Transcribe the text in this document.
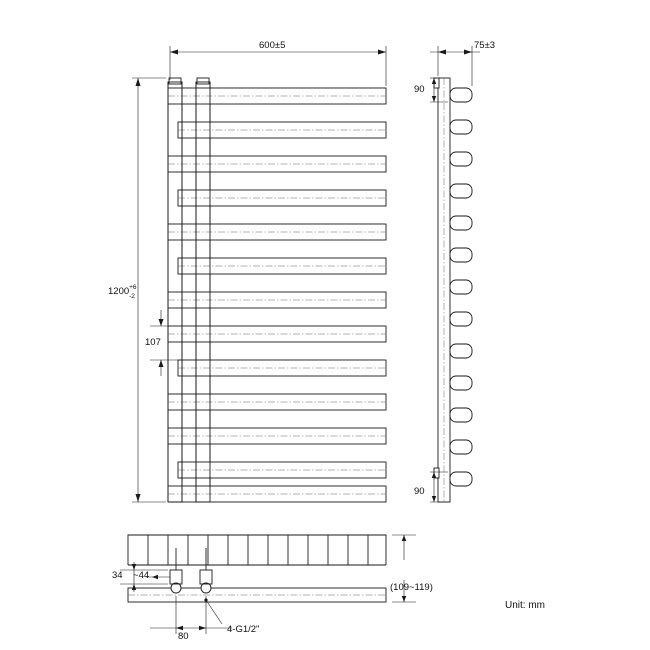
600±5
1200+6
-2
107
75±3
90
90
34 ~44
80
4-G1/2"
(109~119)
Unit: mm
